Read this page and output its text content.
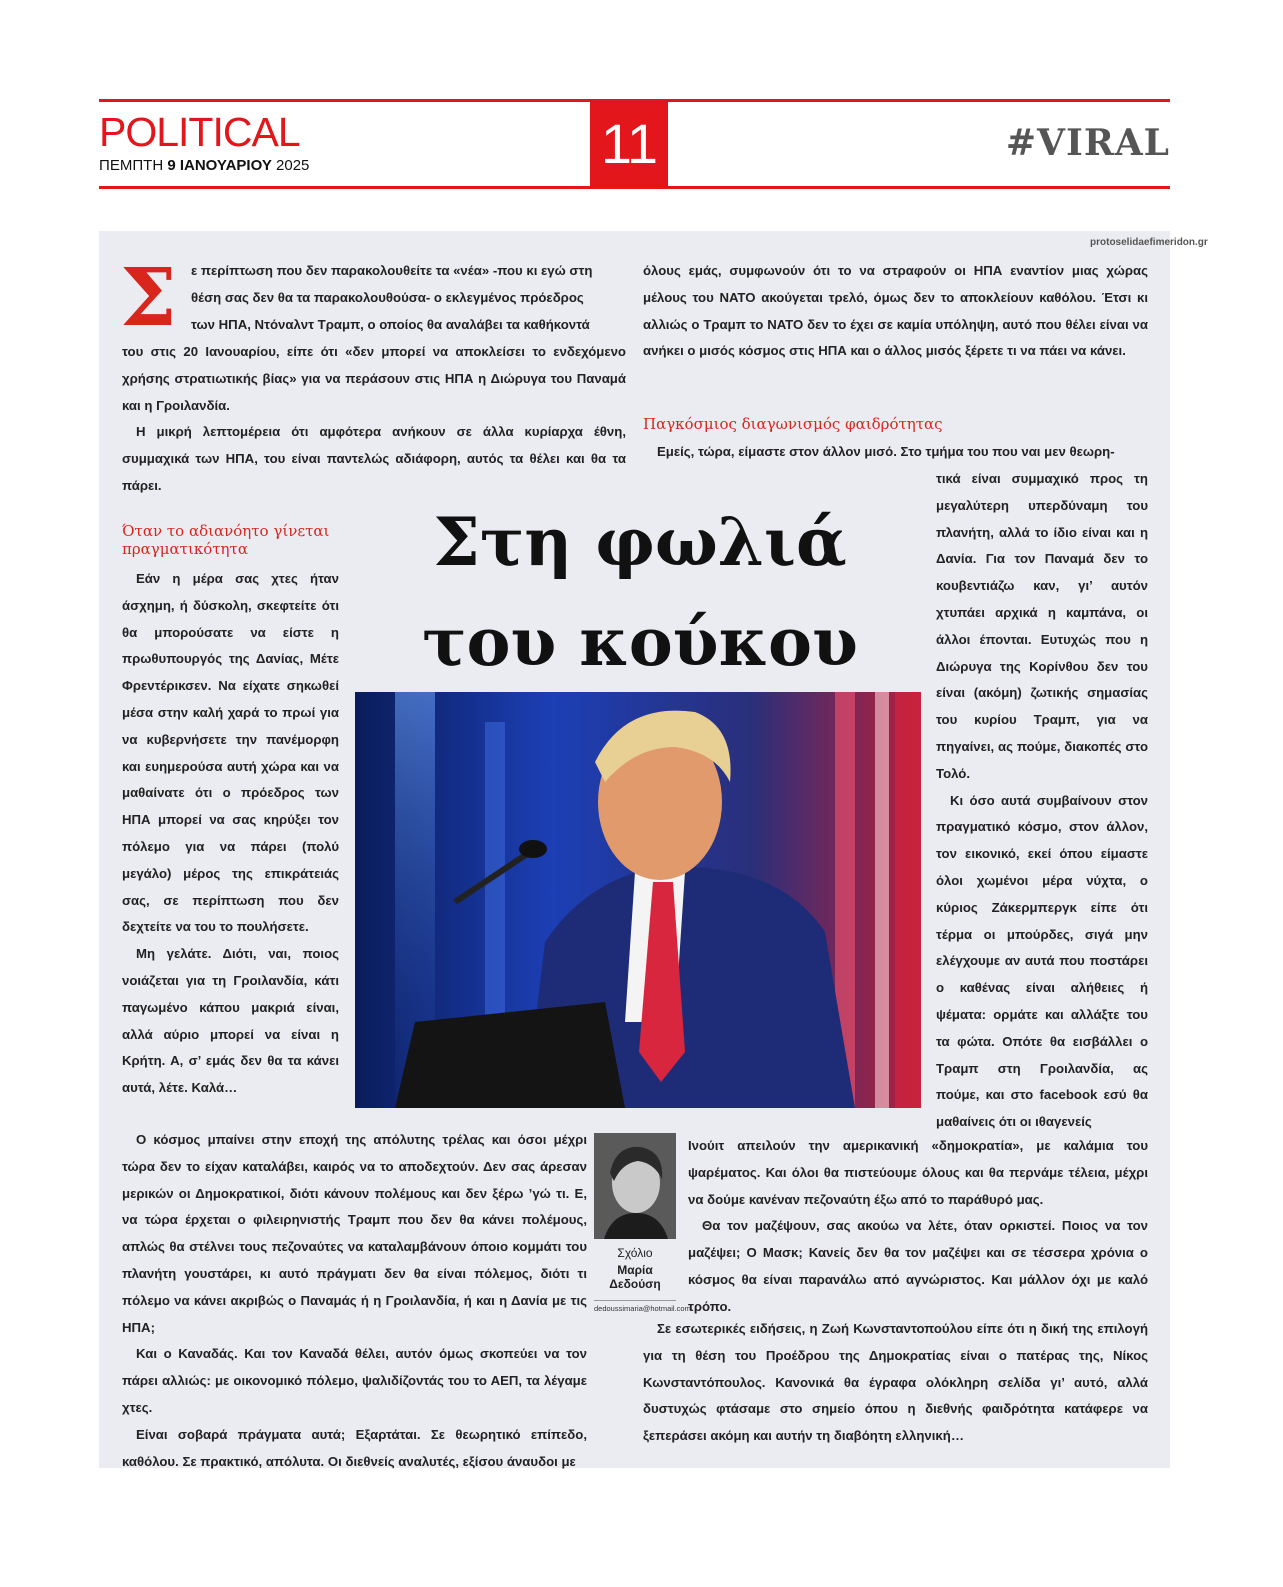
POLITICAL
ΠΕΜΠΤΗ 9 ΙΑΝΟΥΑΡΙΟΥ 2025	11	#VIRAL
protoselidaefimeridon.gr
Σ ε περίπτωση που δεν παρακολουθείτε τα «νέα» -που κι εγώ στη
θέση σας δεν θα τα παρακολουθούσα- ο εκλεγμένος πρόεδρος
των ΗΠΑ, Ντόναλντ Τραμπ, ο οποίος θα αναλάβει τα καθήκοντά

του στις 20 Ιανουαρίου, είπε ότι «δεν μπορεί να αποκλείσει το ενδεχόμενο χρήσης στρατιωτικής βίας» για να περάσουν στις ΗΠΑ η Διώρυγα του Παναμά και η Γροιλανδία.

Η μικρή λεπτομέρεια ότι αμφότερα ανήκουν σε άλλα κυρίαρχα έθνη, συμμαχικά των ΗΠΑ, του είναι παντελώς αδιάφορη, αυτός τα θέλει και θα τα πάρει.

Όταν το αδιανόητο γίνεται πραγματικότητα

Εάν η μέρα σας χτες ήταν άσχημη, ή δύσκολη, σκεφτείτε ότι θα μπορούσατε να είστε η πρωθυπουργός της Δανίας, Μέτε Φρεντέρικσεν. Να είχατε σηκωθεί μέσα στην καλή χαρά το πρωί για να κυβερνήσετε την πανέμορφη και ευημερούσα αυτή χώρα και να μαθαίνατε ότι ο πρόεδρος των ΗΠΑ μπορεί να σας κηρύξει τον πόλεμο για να πάρει (πολύ μεγάλο) μέρος της επικράτειάς σας, σε περίπτωση που δεν δεχτείτε να του το πουλήσετε.

Μη γελάτε. Διότι, ναι, ποιος νοιάζεται για τη Γροιλανδία, κάτι παγωμένο κάπου μακριά είναι, αλλά αύριο μπορεί να είναι η Κρήτη. Α, σ’ εμάς δεν θα τα κάνει αυτά, λέτε. Καλά…

Στη φωλιά
του κούκου

όλους εμάς, συμφωνούν ότι το να στραφούν οι ΗΠΑ εναντίον μιας χώρας μέλους του ΝΑΤΟ ακούγεται τρελό, όμως δεν το αποκλείουν καθόλου. Έτσι κι αλλιώς ο Τραμπ το ΝΑΤΟ δεν το έχει σε καμία υπόληψη, αυτό που θέλει είναι να ανήκει ο μισός κόσμος στις ΗΠΑ και ο άλλος μισός ξέρετε τι να πάει να κάνει.

Παγκόσμιος διαγωνισμός φαιδρότητας

Εμείς, τώρα, είμαστε στον άλλον μισό. Στο τμήμα του που ναι μεν θεωρη-

τικά είναι συμμαχικό προς τη μεγαλύτερη υπερδύναμη του πλανήτη, αλλά το ίδιο είναι και η Δανία. Για τον Παναμά δεν το κουβεντιάζω καν, γι’ αυτόν χτυπάει αρχικά η καμπάνα, οι άλλοι έπονται. Ευτυχώς που η Διώρυγα της Κορίνθου δεν του είναι (ακόμη) ζωτικής σημασίας του κυρίου Τραμπ, για να πηγαίνει, ας πούμε, διακοπές στο Τολό.

Κι όσο αυτά συμβαίνουν στον πραγματικό κόσμο, στον άλλον, τον εικονικό, εκεί όπου είμαστε όλοι χωμένοι μέρα νύχτα, ο κύριος Ζάκερμπεργκ είπε ότι τέρμα οι μπούρδες, σιγά μην ελέγχουμε αν αυτά που ποστάρει ο καθένας είναι αλήθειες ή ψέματα: ορμάτε και αλλάξτε του τα φώτα. Οπότε θα εισβάλλει ο Τραμπ στη Γροιλανδία, ας πούμε, και στο facebook εσύ θα μαθαίνεις ότι οι ιθαγενείς

Ο κόσμος μπαίνει στην εποχή της απόλυτης τρέλας και όσοι μέχρι τώρα δεν το είχαν καταλάβει, καιρός να το αποδεχτούν. Δεν σας άρεσαν μερικών οι Δημοκρατικοί, διότι κάνουν πολέμους και δεν ξέρω ’γώ τι. Ε, να τώρα έρχεται ο φιλειρηνιστής Τραμπ που δεν θα κάνει πολέμους, απλώς θα στέλνει τους πεζοναύτες να καταλαμβάνουν όποιο κομμάτι του πλανήτη γουστάρει, κι αυτό πράγματι δεν θα είναι πόλεμος, διότι τι πόλεμο να κάνει ακριβώς ο Παναμάς ή η Γροιλανδία, ή και η Δανία με τις ΗΠΑ;

Και ο Καναδάς. Και τον Καναδά θέλει, αυτόν όμως σκοπεύει να τον πάρει αλλιώς: με οικονομικό πόλεμο, ψαλιδίζοντάς του το ΑΕΠ, τα λέγαμε χτες.

Είναι σοβαρά πράγματα αυτά; Εξαρτάται. Σε θεωρητικό επίπεδο, καθόλου. Σε πρακτικό, απόλυτα. Οι διεθνείς αναλυτές, εξίσου άναυδοι με

Σχόλιο
Μαρία
Δεδούση
dedoussimaria@hotmail.com

Ινούιτ απειλούν την αμερικανική «δημοκρατία», με καλάμια του ψαρέματος. Και όλοι θα πιστεύουμε όλους και θα περνάμε τέλεια, μέχρι να δούμε κανέναν πεζοναύτη έξω από το παράθυρό μας.

Θα τον μαζέψουν, σας ακούω να λέτε, όταν ορκιστεί. Ποιος να τον μαζέψει; Ο Μασκ; Κανείς δεν θα τον μαζέψει και σε τέσσερα χρόνια ο κόσμος θα είναι παρανάλω από αγνώριστος. Και μάλλον όχι με καλό τρόπο.

Σε εσωτερικές ειδήσεις, η Ζωή Κωνσταντοπούλου είπε ότι η δική της επιλογή για τη θέση του Προέδρου της Δημοκρατίας είναι ο πατέρας της, Νίκος Κωνσταντόπουλος. Κανονικά θα έγραφα ολόκληρη σελίδα γι’ αυτό, αλλά δυστυχώς φτάσαμε στο σημείο όπου η διεθνής φαιδρότητα κατάφερε να ξεπεράσει ακόμη και αυτήν τη διαβόητη ελληνική…
